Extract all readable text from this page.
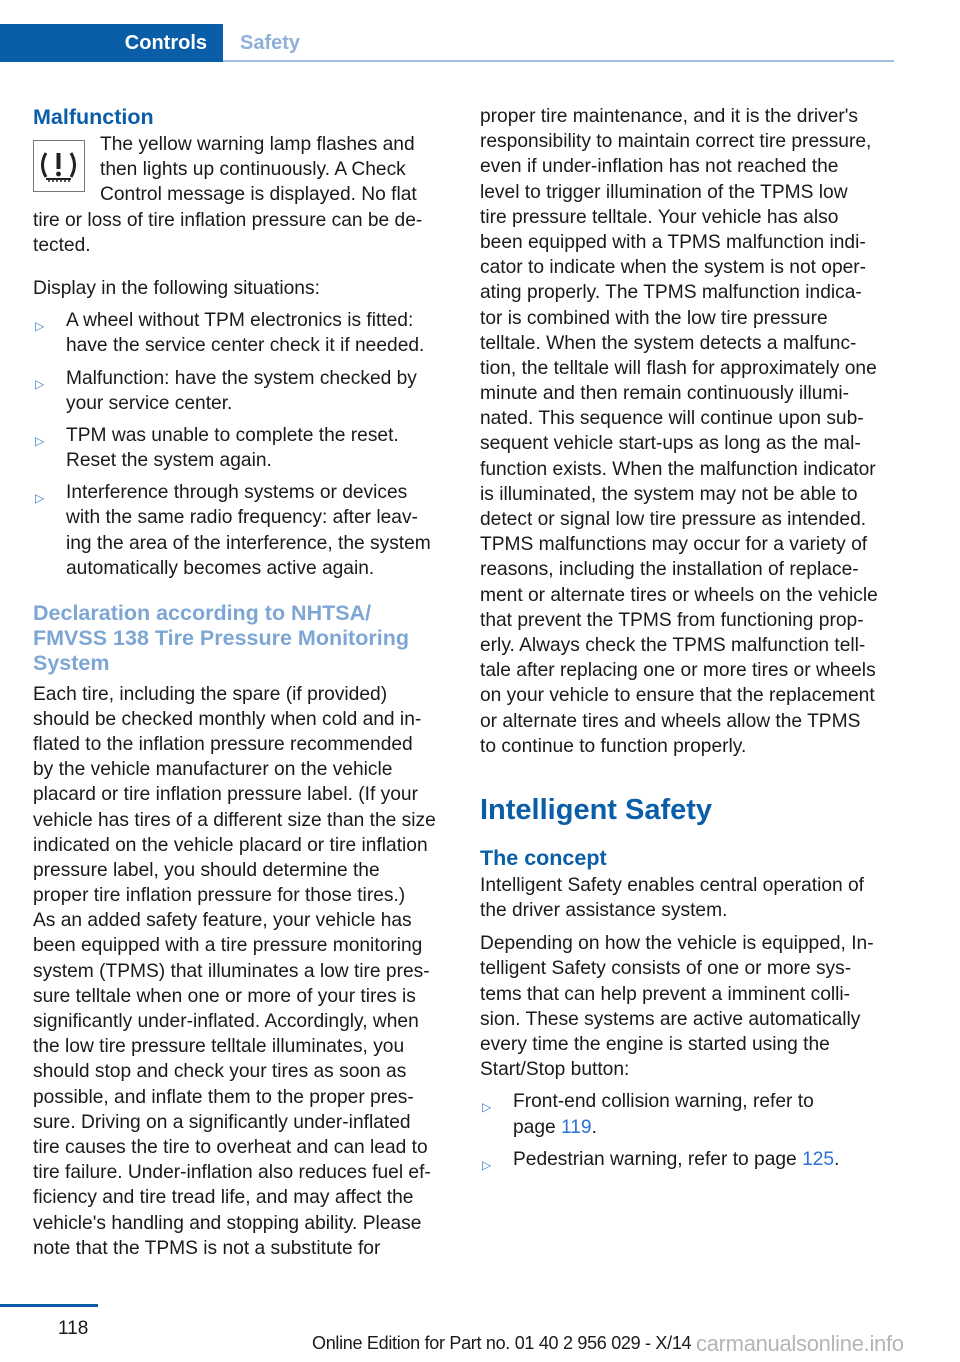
Controls	Safety
Malfunction
The yellow warning lamp flashes and
then lights up continuously. A Check
Control message is displayed. No flat
tire or loss of tire inflation pressure can be de-
tected.
Display in the following situations:
▷ A wheel without TPM electronics is fitted:
have the service center check it if needed.
▷ Malfunction: have the system checked by
your service center.
▷ TPM was unable to complete the reset.
Reset the system again.
▷ Interference through systems or devices
with the same radio frequency: after leav-
ing the area of the interference, the system
automatically becomes active again.
Declaration according to NHTSA/
FMVSS 138 Tire Pressure Monitoring
System
Each tire, including the spare (if provided)
should be checked monthly when cold and in-
flated to the inflation pressure recommended
by the vehicle manufacturer on the vehicle
placard or tire inflation pressure label. (If your
vehicle has tires of a different size than the size
indicated on the vehicle placard or tire inflation
pressure label, you should determine the
proper tire inflation pressure for those tires.)
As an added safety feature, your vehicle has
been equipped with a tire pressure monitoring
system (TPMS) that illuminates a low tire pres-
sure telltale when one or more of your tires is
significantly under-inflated. Accordingly, when
the low tire pressure telltale illuminates, you
should stop and check your tires as soon as
possible, and inflate them to the proper pres-
sure. Driving on a significantly under-inflated
tire causes the tire to overheat and can lead to
tire failure. Under-inflation also reduces fuel ef-
ficiency and tire tread life, and may affect the
vehicle's handling and stopping ability. Please
note that the TPMS is not a substitute for
proper tire maintenance, and it is the driver's
responsibility to maintain correct tire pressure,
even if under-inflation has not reached the
level to trigger illumination of the TPMS low
tire pressure telltale. Your vehicle has also
been equipped with a TPMS malfunction indi-
cator to indicate when the system is not oper-
ating properly. The TPMS malfunction indica-
tor is combined with the low tire pressure
telltale. When the system detects a malfunc-
tion, the telltale will flash for approximately one
minute and then remain continuously illumi-
nated. This sequence will continue upon sub-
sequent vehicle start-ups as long as the mal-
function exists. When the malfunction indicator
is illuminated, the system may not be able to
detect or signal low tire pressure as intended.
TPMS malfunctions may occur for a variety of
reasons, including the installation of replace-
ment or alternate tires or wheels on the vehicle
that prevent the TPMS from functioning prop-
erly. Always check the TPMS malfunction tell-
tale after replacing one or more tires or wheels
on your vehicle to ensure that the replacement
or alternate tires and wheels allow the TPMS
to continue to function properly.
Intelligent Safety
The concept
Intelligent Safety enables central operation of
the driver assistance system.
Depending on how the vehicle is equipped, In-
telligent Safety consists of one or more sys-
tems that can help prevent a imminent colli-
sion. These systems are active automatically
every time the engine is started using the
Start/Stop button:
▷ Front-end collision warning, refer to
page 119.
▷ Pedestrian warning, refer to page 125.
118
Online Edition for Part no. 01 40 2 956 029 - X/14 carmanualsonline.info
